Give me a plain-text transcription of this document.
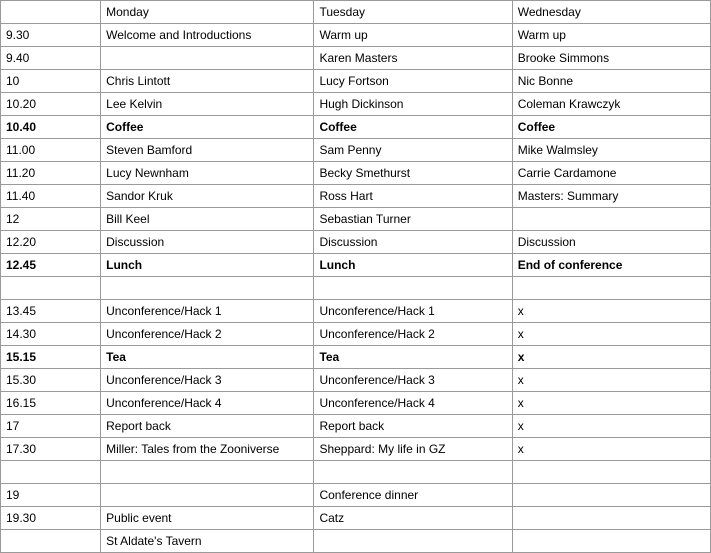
	Monday	Tuesday	Wednesday
9.30	Welcome and Introductions	Warm up	Warm up
9.40		Karen Masters	Brooke Simmons
10	Chris Lintott	Lucy Fortson	Nic Bonne
10.20	Lee Kelvin	Hugh Dickinson	Coleman Krawczyk
10.40	Coffee	Coffee	Coffee
11.00	Steven Bamford	Sam Penny	Mike Walmsley
11.20	Lucy Newnham	Becky Smethurst	Carrie Cardamone
11.40	Sandor Kruk	Ross Hart	Masters: Summary
12	Bill Keel	Sebastian Turner	
12.20	Discussion	Discussion	Discussion
12.45	Lunch	Lunch	End of conference

13.45	Unconference/Hack 1	Unconference/Hack 1	x
14.30	Unconference/Hack 2	Unconference/Hack 2	x
15.15	Tea	Tea	x
15.30	Unconference/Hack 3	Unconference/Hack 3	x
16.15	Unconference/Hack 4	Unconference/Hack 4	x
17	Report back	Report back	x
17.30	Miller: Tales from the Zooniverse	Sheppard: My life in GZ	x

19		Conference dinner	
19.30	Public event	Catz	
	St Aldate's Tavern		
